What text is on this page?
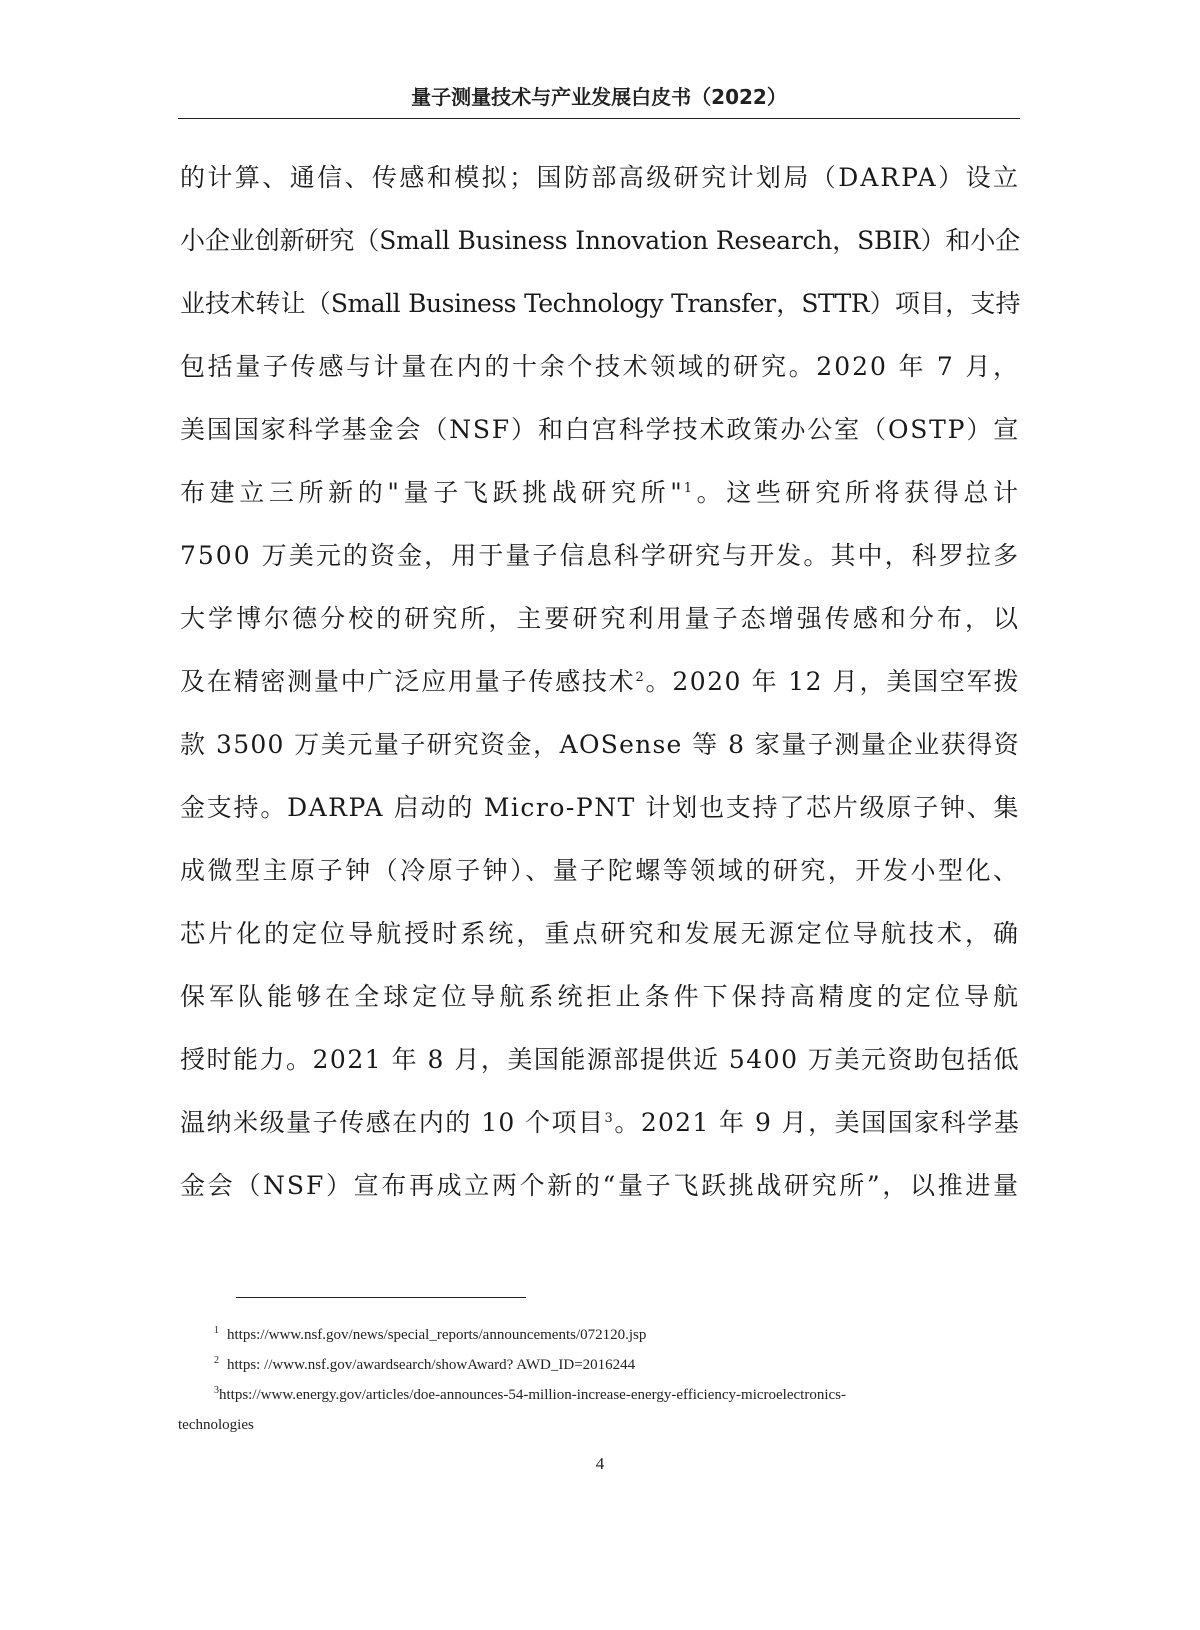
量子测量技术与产业发展白皮书（2022）
的计算、通信、传感和模拟；国防部高级研究计划局（DARPA）设立
小企业创新研究（Small Business Innovation Research，SBIR）和小企
业技术转让（Small Business Technology Transfer，STTR）项目，支持
包括量子传感与计量在内的十余个技术领域的研究。2020 年 7 月，
美国国家科学基金会（NSF）和白宫科学技术政策办公室（OSTP）宣
布建立三所新的"量子飞跃挑战研究所"$^1$。这些研究所将获得总计
7500 万美元的资金，用于量子信息科学研究与开发。其中，科罗拉多
大学博尔德分校的研究所，主要研究利用量子态增强传感和分布，以
及在精密测量中广泛应用量子传感技术$^2$。2020 年 12 月，美国空军拨
款 3500 万美元量子研究资金，AOSense 等 8 家量子测量企业获得资
金支持。DARPA 启动的 Micro-PNT 计划也支持了芯片级原子钟、集
成微型主原子钟（冷原子钟）、量子陀螺等领域的研究，开发小型化、
芯片化的定位导航授时系统，重点研究和发展无源定位导航技术，确
保军队能够在全球定位导航系统拒止条件下保持高精度的定位导航
授时能力。2021 年 8 月，美国能源部提供近 5400 万美元资助包括低
温纳米级量子传感在内的 10 个项目$^3$。2021 年 9 月，美国国家科学基
金会（NSF）宣布再成立两个新的“量子飞跃挑战研究所”，以推进量
$^1$ https://www.nsf.gov/news/special_reports/announcements/072120.jsp
$^2$ https: //www.nsf.gov/awardsearch/showAward? AWD_ID=2016244
$^3$https://www.energy.gov/articles/doe-announces-54-million-increase-energy-efficiency-microelectronics-
technologies
4
